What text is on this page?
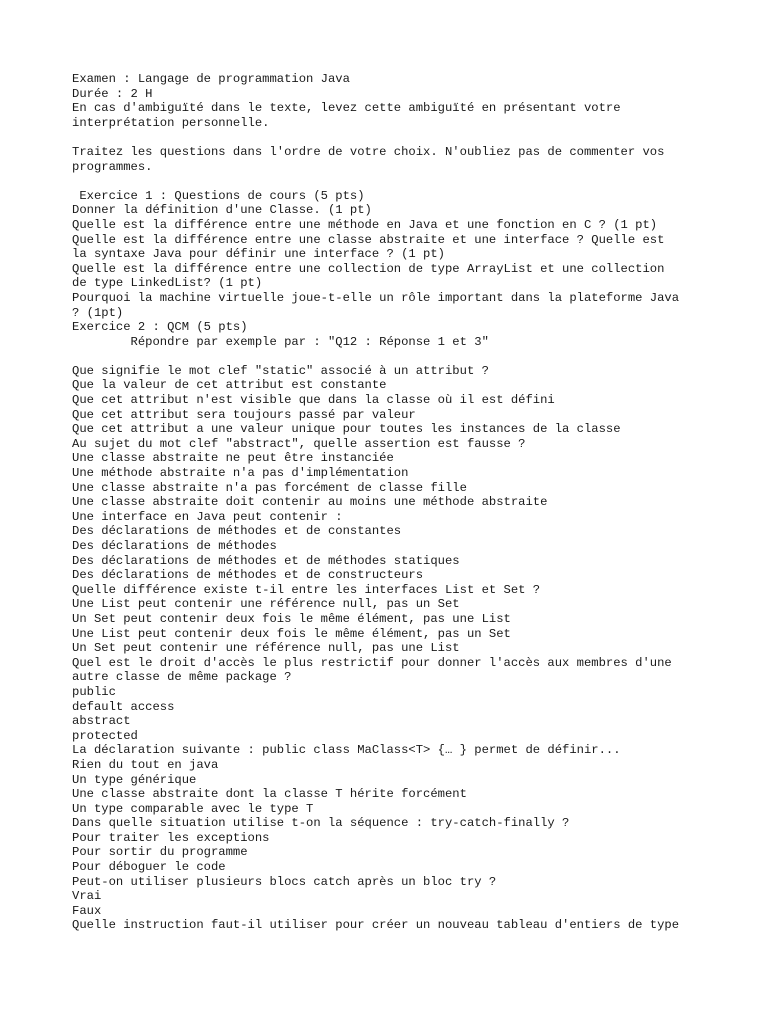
Examen : Langage de programmation Java
Durée : 2 H
En cas d'ambiguïté dans le texte, levez cette ambiguïté en présentant votre
interprétation personnelle.
Traitez les questions dans l'ordre de votre choix. N'oubliez pas de commenter vos
programmes.
Exercice 1 : Questions de cours (5 pts)
Donner la définition d'une Classe. (1 pt)
Quelle est la différence entre une méthode en Java et une fonction en C ? (1 pt)
Quelle est la différence entre une classe abstraite et une interface ? Quelle est
la syntaxe Java pour définir une interface ? (1 pt)
Quelle est la différence entre une collection de type ArrayList et une collection
de type LinkedList? (1 pt)
Pourquoi la machine virtuelle joue-t-elle un rôle important dans la plateforme Java
? (1pt)
Exercice 2 : QCM (5 pts)
Répondre par exemple par : "Q12 : Réponse 1 et 3"
Que signifie le mot clef "static" associé à un attribut ?
Que la valeur de cet attribut est constante
Que cet attribut n'est visible que dans la classe où il est défini
Que cet attribut sera toujours passé par valeur
Que cet attribut a une valeur unique pour toutes les instances de la classe
Au sujet du mot clef "abstract", quelle assertion est fausse ?
Une classe abstraite ne peut être instanciée
Une méthode abstraite n'a pas d'implémentation
Une classe abstraite n'a pas forcément de classe fille
Une classe abstraite doit contenir au moins une méthode abstraite
Une interface en Java peut contenir :
Des déclarations de méthodes et de constantes
Des déclarations de méthodes
Des déclarations de méthodes et de méthodes statiques
Des déclarations de méthodes et de constructeurs
Quelle différence existe t-il entre les interfaces List et Set ?
Une List peut contenir une référence null, pas un Set
Un Set peut contenir deux fois le même élément, pas une List
Une List peut contenir deux fois le même élément, pas un Set
Un Set peut contenir une référence null, pas une List
Quel est le droit d'accès le plus restrictif pour donner l'accès aux membres d'une
autre classe de même package ?
public
default access
abstract
protected
La déclaration suivante : public class MaClass<T> {… } permet de définir...
Rien du tout en java
Un type générique
Une classe abstraite dont la classe T hérite forcément
Un type comparable avec le type T
Dans quelle situation utilise t-on la séquence : try-catch-finally ?
Pour traiter les exceptions
Pour sortir du programme
Pour déboguer le code
Peut-on utiliser plusieurs blocs catch après un bloc try ?
Vrai
Faux
Quelle instruction faut-il utiliser pour créer un nouveau tableau d'entiers de type
